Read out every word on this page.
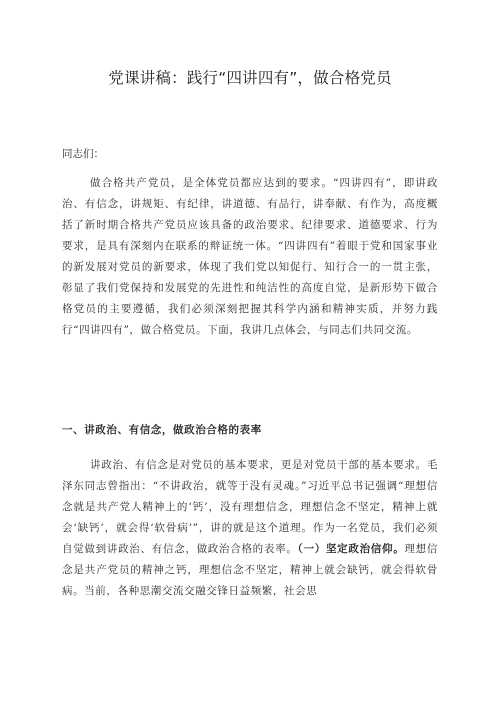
党课讲稿：践行“四讲四有”，做合格党员

同志们：

做合格共产党员，是全体党员都应达到的要求。“四讲四有”，即讲政治、有信念，讲规矩、有纪律，讲道德、有品行，讲奉献、有作为，高度概括了新时期合格共产党员应该具备的政治要求、纪律要求、道德要求、行为要求，是具有深刻内在联系的辩证统一体。“四讲四有”着眼于党和国家事业的新发展对党员的新要求，体现了我们党以知促行、知行合一的一贯主张，彰显了我们党保持和发展党的先进性和纯洁性的高度自觉，是新形势下做合格党员的主要遵循，我们必须深刻把握其科学内涵和精神实质，并努力践行“四讲四有”，做合格党员。下面，我讲几点体会，与同志们共同交流。

一、讲政治、有信念，做政治合格的表率

讲政治、有信念是对党员的基本要求，更是对党员干部的基本要求。毛泽东同志曾指出：“不讲政治，就等于没有灵魂。”习近平总书记强调“理想信念就是共产党人精神上的‘钙’，没有理想信念，理想信念不坚定，精神上就会‘缺钙’，就会得‘软骨病’”，讲的就是这个道理。作为一名党员，我们必须自觉做到讲政治、有信念，做政治合格的表率。（一）坚定政治信仰。理想信念是共产党员的精神之钙，理想信念不坚定，精神上就会缺钙，就会得软骨病。当前，各种思潮交流交融交锋日益频繁，社会思
